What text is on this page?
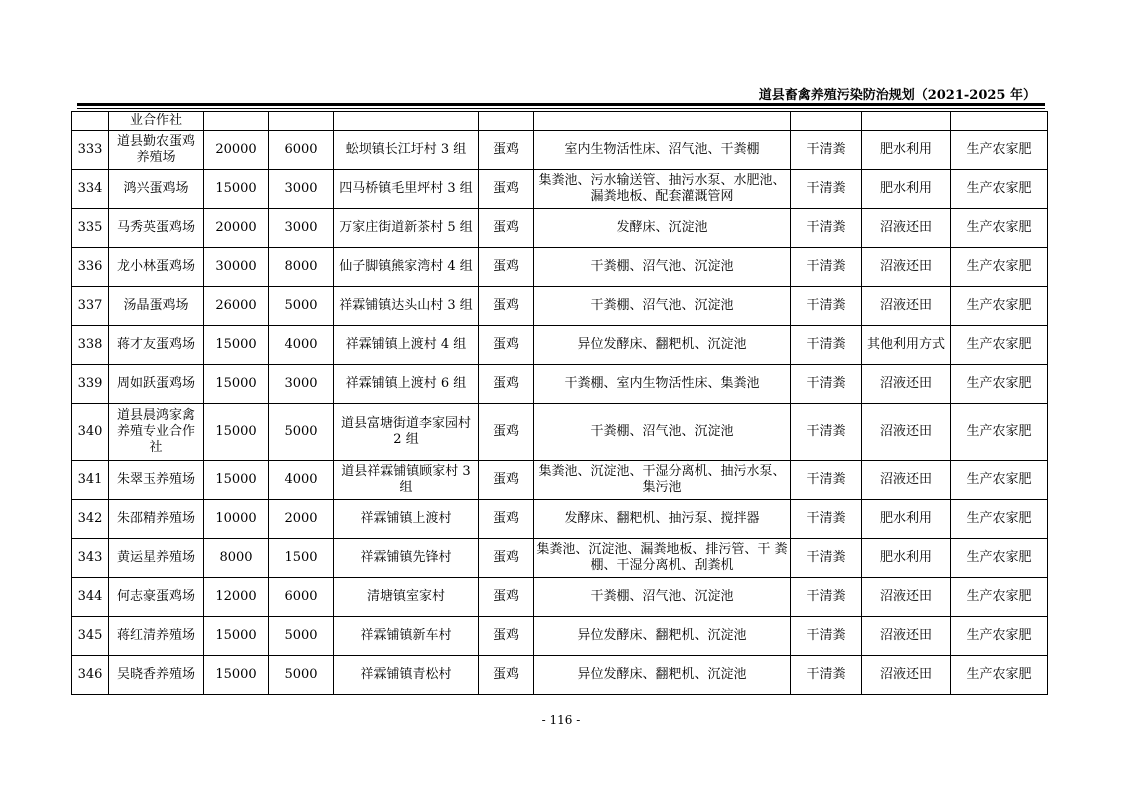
道县畜禽养殖污染防治规划（2021-2025 年）
	业合作社								
333	道县勤农蛋鸡养殖场	20000	6000	蚣坝镇长江圩村 3 组	蛋鸡	室内生物活性床、沼气池、干粪棚	干清粪	肥水利用	生产农家肥
334	鸿兴蛋鸡场	15000	3000	四马桥镇毛里坪村 3 组	蛋鸡	集粪池、污水输送管、抽污水泵、水肥池、 漏粪地板、配套灌溉管网	干清粪	肥水利用	生产农家肥
335	马秀英蛋鸡场	20000	3000	万家庄街道新茶村 5 组	蛋鸡	发酵床、沉淀池	干清粪	沼液还田	生产农家肥
336	龙小林蛋鸡场	30000	8000	仙子脚镇熊家湾村 4 组	蛋鸡	干粪棚、沼气池、沉淀池	干清粪	沼液还田	生产农家肥
337	汤晶蛋鸡场	26000	5000	祥霖铺镇达头山村 3 组	蛋鸡	干粪棚、沼气池、沉淀池	干清粪	沼液还田	生产农家肥
338	蒋才友蛋鸡场	15000	4000	祥霖铺镇上渡村 4 组	蛋鸡	异位发酵床、翻粑机、沉淀池	干清粪	其他利用方式	生产农家肥
339	周如跃蛋鸡场	15000	3000	祥霖铺镇上渡村 6 组	蛋鸡	干粪棚、室内生物活性床、集粪池	干清粪	沼液还田	生产农家肥
340	道县晨鸿家禽养殖专业合作社	15000	5000	道县富塘街道李家园村 2 组	蛋鸡	干粪棚、沼气池、沉淀池	干清粪	沼液还田	生产农家肥
341	朱翠玉养殖场	15000	4000	道县祥霖铺镇顾家村 3 组	蛋鸡	集粪池、沉淀池、干湿分离机、抽污水泵、 集污池	干清粪	沼液还田	生产农家肥
342	朱邵精养殖场	10000	2000	祥霖铺镇上渡村	蛋鸡	发酵床、翻粑机、抽污泵、搅拌器	干清粪	肥水利用	生产农家肥
343	黄运星养殖场	8000	1500	祥霖铺镇先锋村	蛋鸡	集粪池、沉淀池、漏粪地板、排污管、干 粪棚、干湿分离机、刮粪机	干清粪	肥水利用	生产农家肥
344	何志豪蛋鸡场	12000	6000	清塘镇室家村	蛋鸡	干粪棚、沼气池、沉淀池	干清粪	沼液还田	生产农家肥
345	蒋红清养殖场	15000	5000	祥霖铺镇新车村	蛋鸡	异位发酵床、翻粑机、沉淀池	干清粪	沼液还田	生产农家肥
346	吴晓香养殖场	15000	5000	祥霖铺镇青松村	蛋鸡	异位发酵床、翻粑机、沉淀池	干清粪	沼液还田	生产农家肥
- 116 -
